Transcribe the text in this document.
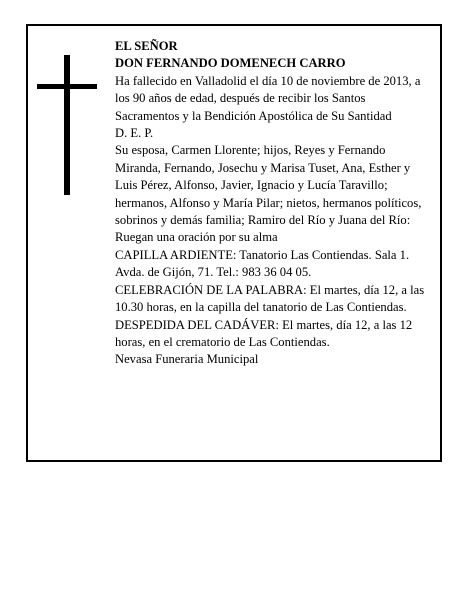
EL SEÑOR

DON FERNANDO DOMENECH CARRO

Ha fallecido en Valladolid el día 10 de noviembre de 2013, a los 90 años de edad, después de recibir los Santos Sacramentos y la Bendición Apostólica de Su Santidad

D. E. P.

Su esposa, Carmen Llorente; hijos, Reyes y Fernando Miranda, Fernando, Josechu y Marisa Tuset, Ana, Esther y Luis Pérez, Alfonso, Javier, Ignacio y Lucía Taravillo; hermanos, Alfonso y María Pilar; nietos, hermanos políticos, sobrinos y demás familia; Ramiro del Río y Juana del Río:

Ruegan una oración por su alma

CAPILLA ARDIENTE: Tanatorio Las Contiendas. Sala 1. Avda. de Gijón, 71. Tel.: 983 36 04 05.

CELEBRACIÓN DE LA PALABRA: El martes, día 12, a las 10.30 horas, en la capilla del tanatorio de Las Contiendas.

DESPEDIDA DEL CADÁVER: El martes, día 12, a las 12 horas, en el crematorio de Las Contiendas.

Nevasa Funeraria Municipal
